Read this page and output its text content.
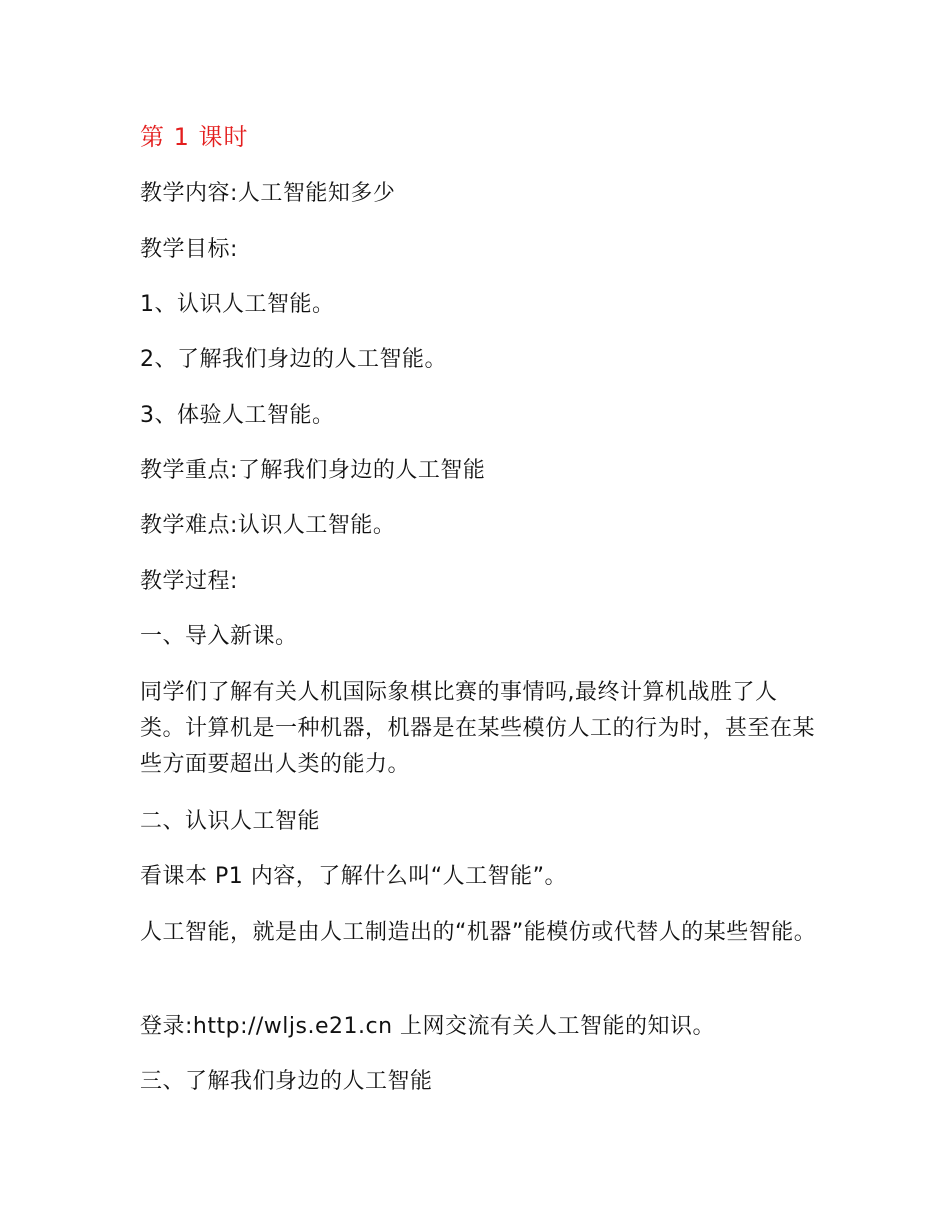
第 1 课时
教学内容:人工智能知多少
教学目标:
1、认识人工智能。
2、了解我们身边的人工智能。
3、体验人工智能。
教学重点:了解我们身边的人工智能
教学难点:认识人工智能。
教学过程:
一、导入新课。
同学们了解有关人机国际象棋比赛的事情吗,最终计算机战胜了人类。计算机是一种机器，机器是在某些模仿人工的行为时，甚至在某些方面要超出人类的能力。
二、认识人工智能
看课本 P1 内容，了解什么叫“人工智能”。
人工智能，就是由人工制造出的“机器”能模仿或代替人的某些智能。
登录:http://wljs.e21.cn 上网交流有关人工智能的知识。
三、了解我们身边的人工智能
